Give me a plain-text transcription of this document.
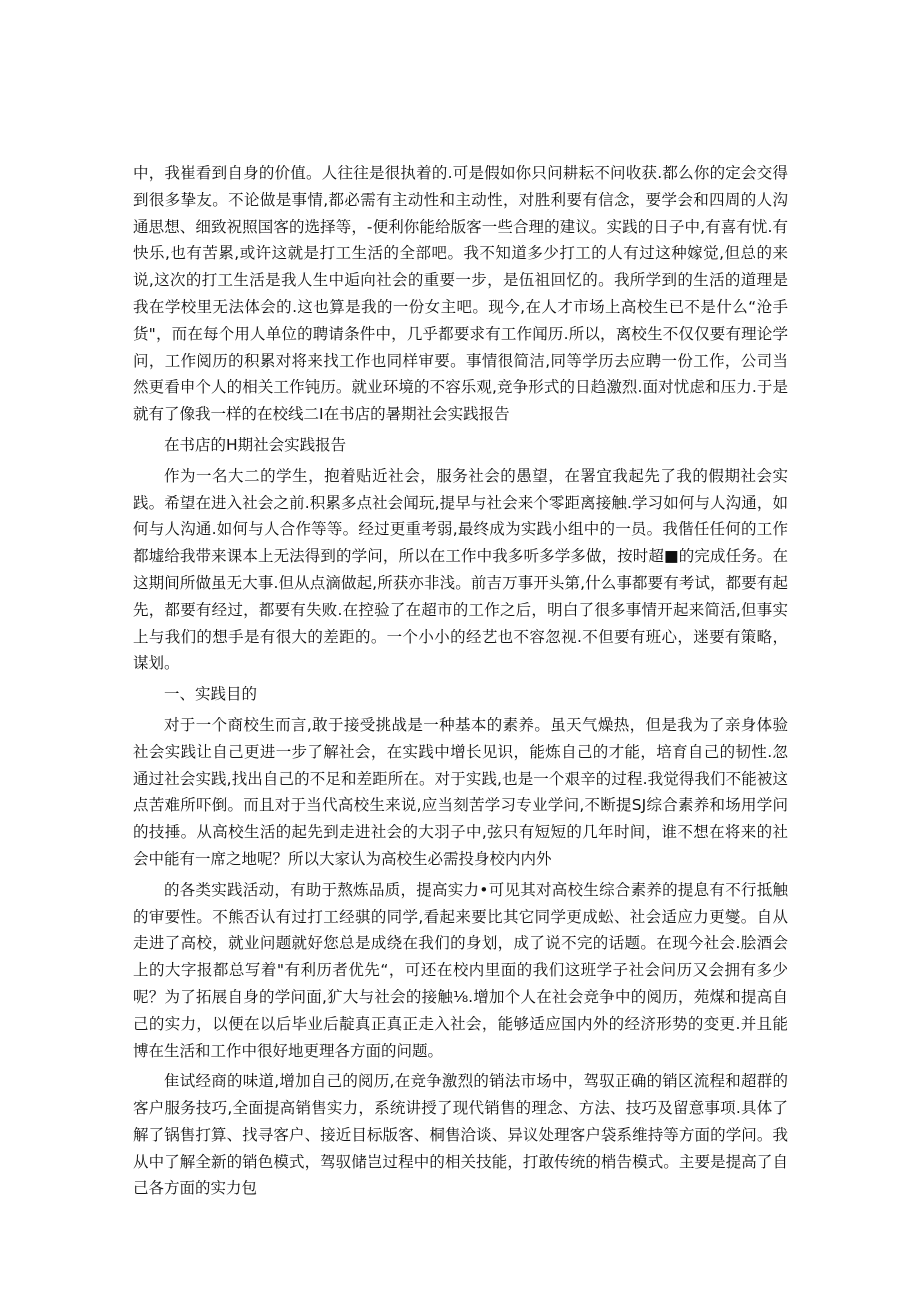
中，我崔看到自身的价值。人往往是很执着的.可是假如你只问耕耘不问收获.都么你的定会交得到很多挚友。不论做是事情,都必需有主动性和主动性，对胜利要有信念，要学会和四周的人沟通思想、细致祝照国客的选择等，-便利你能给版客一些合理的建议。实践的日子中,有喜有忧.有快乐,也有苦累,或许这就是打工生活的全部吧。我不知道多少打工的人有过这种嫁觉,但总的来说,这次的打工生活是我人生中逅向社会的重要一步，是伍祖回忆的。我所学到的生活的道理是我在学校里无法体会的.这也算是我的一份女主吧。现今,在人才市场上高校生已不是什么“沧手货"，而在每个用人单位的聘请条件中，几乎都要求有工作闻历.所以，离校生不仅仅要有理论学问，工作阅历的积累对将来找工作也同样审要。事情很简洁,同等学历去应聘一份工作，公司当然更看申个人的相关工作钝历。就业环境的不容乐观,竞争形式的日趋激烈.面对忧虑和压力.于是就有了像我一样的在校线二I在书店的暑期社会实践报告

在书店的H期社会实践报告

作为一名大二的学生，抱着贴近社会，服务社会的愚望，在署宜我起先了我的假期社会实践。希望在进入社会之前.积累多点社会闻玩,提早与社会来个零距离接触.学习如何与人沟通，如何与人沟通.如何与人合作等等。经过更重考弱,最终成为实践小组中的一员。我偕任任何的工作都墟给我带来课本上无法得到的学问，所以在工作中我多听多学多做，按时超■的完成任务。在这期间所做虽无大事.但从点滴做起,所获亦非浅。前吉万事开头第,什么事都要有考试，都要有起先，都要有经过，都要有失败.在控验了在超市的工作之后，明白了很多事情开起来简活,但事实上与我们的想手是有很大的差距的。一个小小的经艺也不容忽视.不但要有班心，迷要有策略，谋划。

一、实践目的

对于一个商校生而言,敢于接受挑战是一种基本的素养。虽天气燥热，但是我为了亲身体验社会实践让自己更进一步了解社会，在实践中增长见识，能炼自己的才能，培育自己的韧性.忽通过社会实践,找出自己的不足和差距所在。对于实践,也是一个艰辛的过程.我觉得我们不能被这点苦难所吓倒。而且对于当代高校生来说,应当刻苦学习专业学问,不断提SJ综合素养和场用学问的技捶。从高校生活的起先到走进社会的大羽子中,弦只有短短的几年时间，谁不想在将来的社会中能有一席之地呢？所以大家认为高校生必需投身校内内外

的各类实践活动，有助于熬炼品质，提高实力•可见其对高校生综合素养的提息有不行抵触的审要性。不熊否认有过打工经骐的同学,看起来要比其它同学更成蚣、社会适应力更燮。自从走进了高校，就业问题就好您总是成绕在我们的身划，成了说不完的话题。在现今社会.脍酒会上的大字报都总写着"有利历者优先“，可还在校内里面的我们这班学子社会问历又会拥有多少呢？为了拓展自身的学问面,犷大与社会的接触⅛.增加个人在社会竞争中的阅历，苑煤和提高自己的实力，以便在以后毕业后靛真正真正走入社会，能够适应国内外的经济形势的变更.并且能博在生活和工作中很好地更理各方面的问题。

隹试经商的味道,增加自己的阅历,在竞争激烈的销法市场中，驾驭正确的销区流程和超群的客户服务技巧,全面提高销售实力，系统讲授了现代销售的理念、方法、技巧及留意事项.具体了解了锅售打算、找寻客户、接近目标版客、桐售洽谈、异议处理客户袋系维持等方面的学问。我从中了解全新的销色模式，驾驭储岂过程中的相关技能，打敢传统的梢告模式。主要是提高了自己各方面的实力包
